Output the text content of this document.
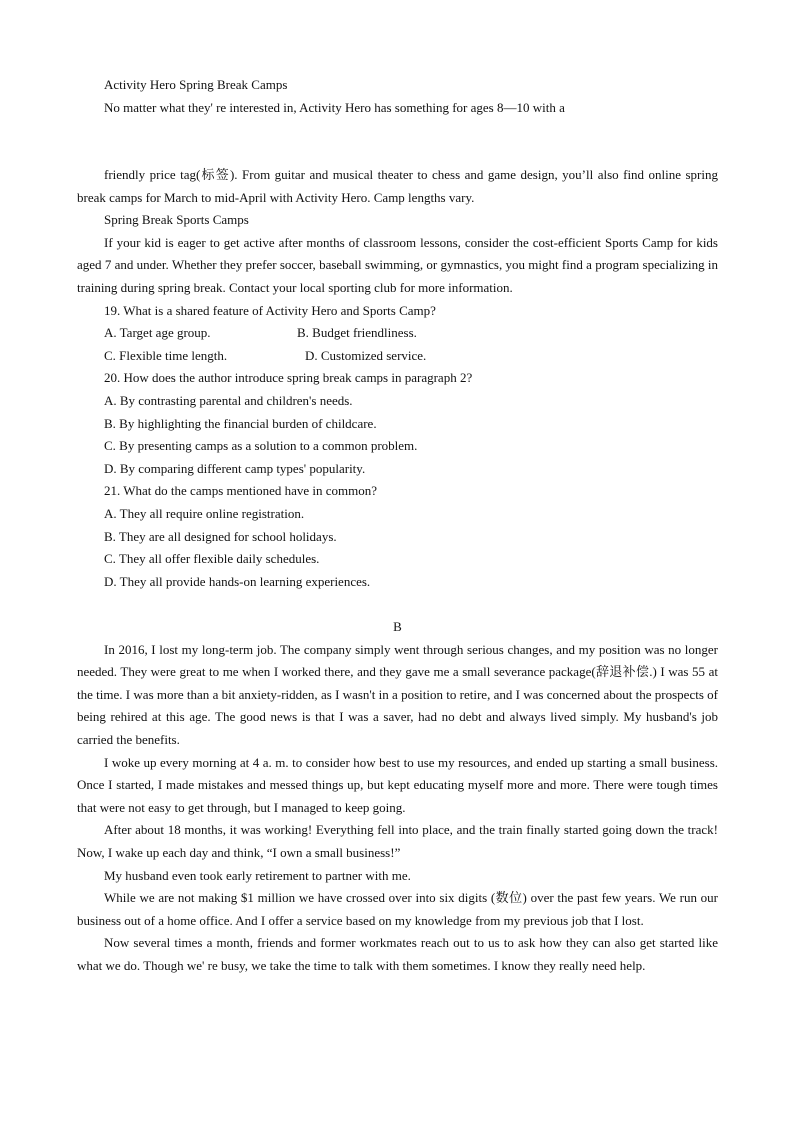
Activity Hero Spring Break Camps

No matter what they' re interested in, Activity Hero has something for ages 8—10 with a

friendly price tag(标签). From guitar and musical theater to chess and game design, you’ll also find online spring break camps for March to mid-April with Activity Hero. Camp lengths vary.

Spring Break Sports Camps

If your kid is eager to get active after months of classroom lessons, consider the cost-efficient Sports Camp for kids aged 7 and under. Whether they prefer soccer, baseball swimming, or gymnastics, you might find a program specializing in training during spring break. Contact your local sporting club for more information.

19. What is a shared feature of Activity Hero and Sports Camp?

A. Target age group.	B. Budget friendliness.

C. Flexible time length.	D. Customized service.

20. How does the author introduce spring break camps in paragraph 2?

A. By contrasting parental and children's needs.

B. By highlighting the financial burden of childcare.

C. By presenting camps as a solution to a common problem.

D. By comparing different camp types' popularity.

21. What do the camps mentioned have in common?

A. They all require online registration.

B. They are all designed for school holidays.

C. They all offer flexible daily schedules.

D. They all provide hands-on learning experiences.

B

In 2016, I lost my long-term job. The company simply went through serious changes, and my position was no longer needed. They were great to me when I worked there, and they gave me a small severance package(辞退补偿.) I was 55 at the time. I was more than a bit anxiety-ridden, as I wasn't in a position to retire, and I was concerned about the prospects of being rehired at this age. The good news is that I was a saver, had no debt and always lived simply. My husband's job carried the benefits.

I woke up every morning at 4 a. m. to consider how best to use my resources, and ended up starting a small business. Once I started, I made mistakes and messed things up, but kept educating myself more and more. There were tough times that were not easy to get through, but I managed to keep going.

After about 18 months, it was working! Everything fell into place, and the train finally started going down the track! Now, I wake up each day and think, “I own a small business!”

My husband even took early retirement to partner with me.

While we are not making $1 million we have crossed over into six digits (数位) over the past few years. We run our business out of a home office. And I offer a service based on my knowledge from my previous job that I lost.

Now several times a month, friends and former workmates reach out to us to ask how they can also get started like what we do. Though we' re busy, we take the time to talk with them sometimes. I know they really need help.
